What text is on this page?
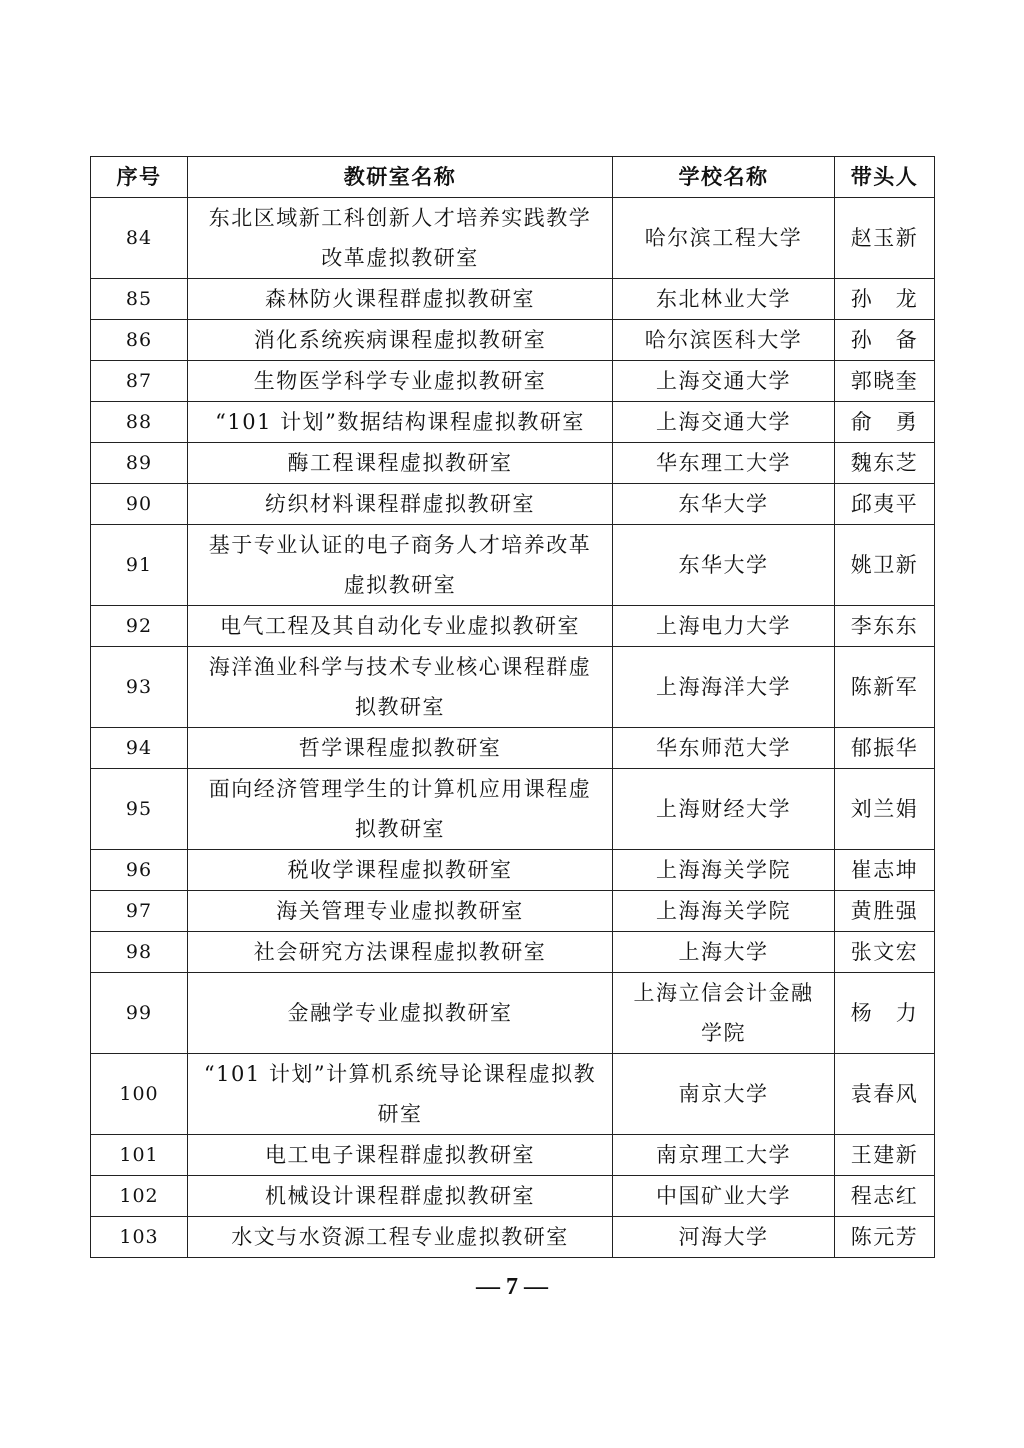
序号	教研室名称	学校名称	带头人
84	东北区域新工科创新人才培养实践教学改革虚拟教研室	哈尔滨工程大学	赵玉新
85	森林防火课程群虚拟教研室	东北林业大学	孙　龙
86	消化系统疾病课程虚拟教研室	哈尔滨医科大学	孙　备
87	生物医学科学专业虚拟教研室	上海交通大学	郭晓奎
88	“101 计划”数据结构课程虚拟教研室	上海交通大学	俞　勇
89	酶工程课程虚拟教研室	华东理工大学	魏东芝
90	纺织材料课程群虚拟教研室	东华大学	邱夷平
91	基于专业认证的电子商务人才培养改革虚拟教研室	东华大学	姚卫新
92	电气工程及其自动化专业虚拟教研室	上海电力大学	李东东
93	海洋渔业科学与技术专业核心课程群虚拟教研室	上海海洋大学	陈新军
94	哲学课程虚拟教研室	华东师范大学	郁振华
95	面向经济管理学生的计算机应用课程虚拟教研室	上海财经大学	刘兰娟
96	税收学课程虚拟教研室	上海海关学院	崔志坤
97	海关管理专业虚拟教研室	上海海关学院	黄胜强
98	社会研究方法课程虚拟教研室	上海大学	张文宏
99	金融学专业虚拟教研室	上海立信会计金融学院	杨　力
100	“101 计划”计算机系统导论课程虚拟教研室	南京大学	袁春风
101	电工电子课程群虚拟教研室	南京理工大学	王建新
102	机械设计课程群虚拟教研室	中国矿业大学	程志红
103	水文与水资源工程专业虚拟教研室	河海大学	陈元芳
— 7 —
